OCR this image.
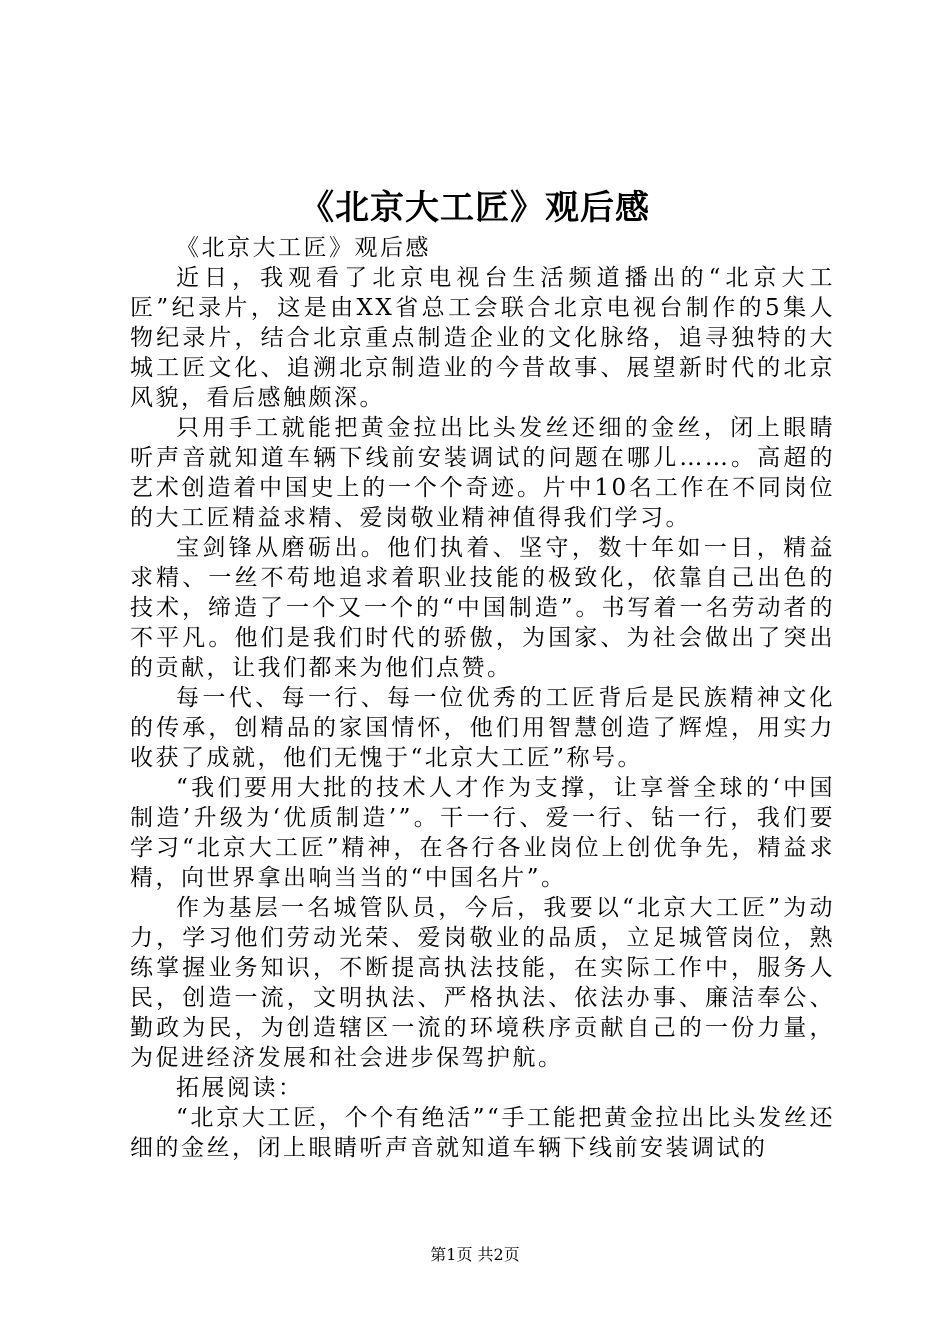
《北京大工匠》观后感

《北京大工匠》观后感

近日，我观看了北京电视台生活频道播出的“北京大工匠”纪录片，这是由XX省总工会联合北京电视台制作的5集人物纪录片，结合北京重点制造企业的文化脉络，追寻独特的大城工匠文化、追溯北京制造业的今昔故事、展望新时代的北京风貌，看后感触颇深。

只用手工就能把黄金拉出比头发丝还细的金丝，闭上眼睛听声音就知道车辆下线前安装调试的问题在哪儿……。高超的艺术创造着中国史上的一个个奇迹。片中10名工作在不同岗位的大工匠精益求精、爱岗敬业精神值得我们学习。

宝剑锋从磨砺出。他们执着、坚守，数十年如一日，精益求精、一丝不苟地追求着职业技能的极致化，依靠自己出色的技术，缔造了一个又一个的“中国制造”。书写着一名劳动者的不平凡。他们是我们时代的骄傲，为国家、为社会做出了突出的贡献，让我们都来为他们点赞。

每一代、每一行、每一位优秀的工匠背后是民族精神文化的传承，创精品的家国情怀，他们用智慧创造了辉煌，用实力收获了成就，他们无愧于“北京大工匠”称号。

“我们要用大批的技术人才作为支撑，让享誉全球的‘中国制造’升级为‘优质制造’”。干一行、爱一行、钻一行，我们要学习“北京大工匠”精神，在各行各业岗位上创优争先，精益求精，向世界拿出响当当的“中国名片”。

作为基层一名城管队员，今后，我要以“北京大工匠”为动力，学习他们劳动光荣、爱岗敬业的品质，立足城管岗位，熟练掌握业务知识，不断提高执法技能，在实际工作中，服务人民，创造一流，文明执法、严格执法、依法办事、廉洁奉公、勤政为民，为创造辖区一流的环境秩序贡献自己的一份力量，为促进经济发展和社会进步保驾护航。

拓展阅读：

“北京大工匠，个个有绝活”“手工能把黄金拉出比头发丝还细的金丝，闭上眼睛听声音就知道车辆下线前安装调试的

第1页 共2页
